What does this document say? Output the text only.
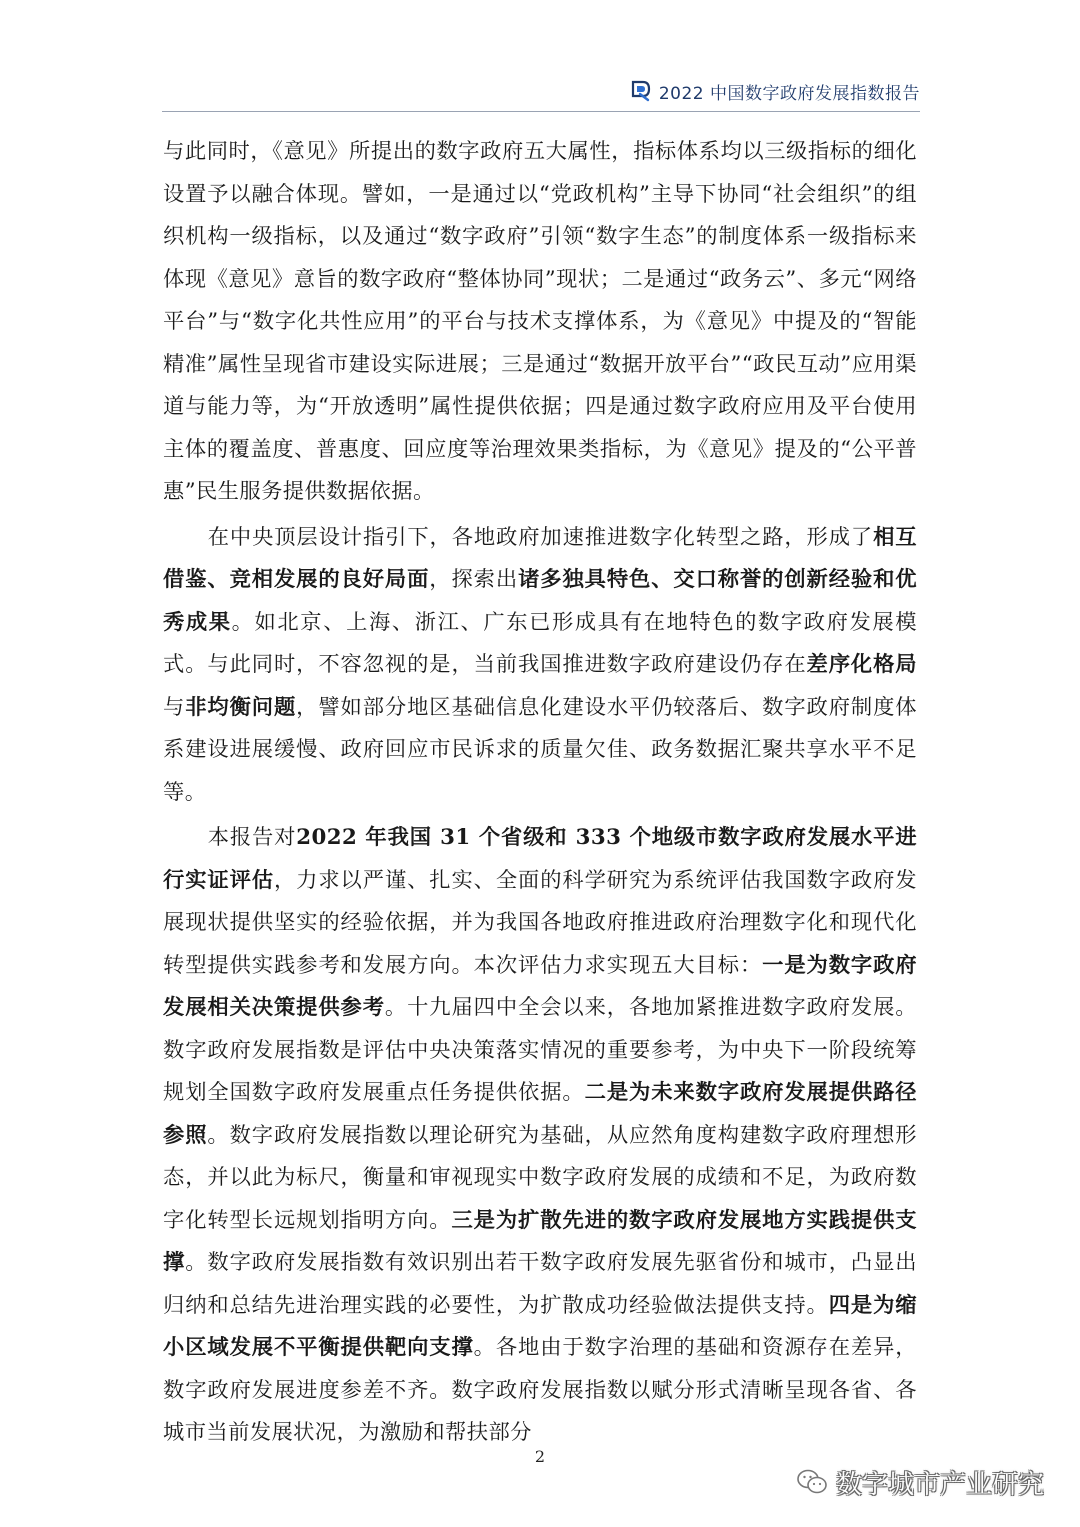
2022 中国数字政府发展指数报告

与此同时，《意见》所提出的数字政府五大属性，指标体系均以三级指标的细化设置予以融合体现。譬如，一是通过以“党政机构”主导下协同“社会组织”的组织机构一级指标，以及通过“数字政府”引领“数字生态”的制度体系一级指标来体现《意见》意旨的数字政府“整体协同”现状；二是通过“政务云”、多元“网络平台”与“数字化共性应用”的平台与技术支撑体系，为《意见》中提及的“智能精准”属性呈现省市建设实际进展；三是通过“数据开放平台”“政民互动”应用渠道与能力等，为“开放透明”属性提供依据；四是通过数字政府应用及平台使用主体的覆盖度、普惠度、回应度等治理效果类指标，为《意见》提及的“公平普惠”民生服务提供数据依据。

在中央顶层设计指引下，各地政府加速推进数字化转型之路，形成了相互借鉴、竞相发展的良好局面，探索出诸多独具特色、交口称誉的创新经验和优秀成果。如北京、上海、浙江、广东已形成具有在地特色的数字政府发展模式。与此同时，不容忽视的是，当前我国推进数字政府建设仍存在差序化格局与非均衡问题，譬如部分地区基础信息化建设水平仍较落后、数字政府制度体系建设进展缓慢、政府回应市民诉求的质量欠佳、政务数据汇聚共享水平不足等。

本报告对2022 年我国 31 个省级和 333 个地级市数字政府发展水平进行实证评估，力求以严谨、扎实、全面的科学研究为系统评估我国数字政府发展现状提供坚实的经验依据，并为我国各地政府推进政府治理数字化和现代化转型提供实践参考和发展方向。本次评估力求实现五大目标：一是为数字政府发展相关决策提供参考。十九届四中全会以来，各地加紧推进数字政府发展。数字政府发展指数是评估中央决策落实情况的重要参考，为中央下一阶段统筹规划全国数字政府发展重点任务提供依据。二是为未来数字政府发展提供路径参照。数字政府发展指数以理论研究为基础，从应然角度构建数字政府理想形态，并以此为标尺，衡量和审视现实中数字政府发展的成绩和不足，为政府数字化转型长远规划指明方向。三是为扩散先进的数字政府发展地方实践提供支撑。数字政府发展指数有效识别出若干数字政府发展先驱省份和城市，凸显出归纳和总结先进治理实践的必要性，为扩散成功经验做法提供支持。四是为缩小区域发展不平衡提供靶向支撑。各地由于数字治理的基础和资源存在差异，数字政府发展进度参差不齐。数字政府发展指数以赋分形式清晰呈现各省、各城市当前发展状况，为激励和帮扶部分

2
数字城市产业研究
